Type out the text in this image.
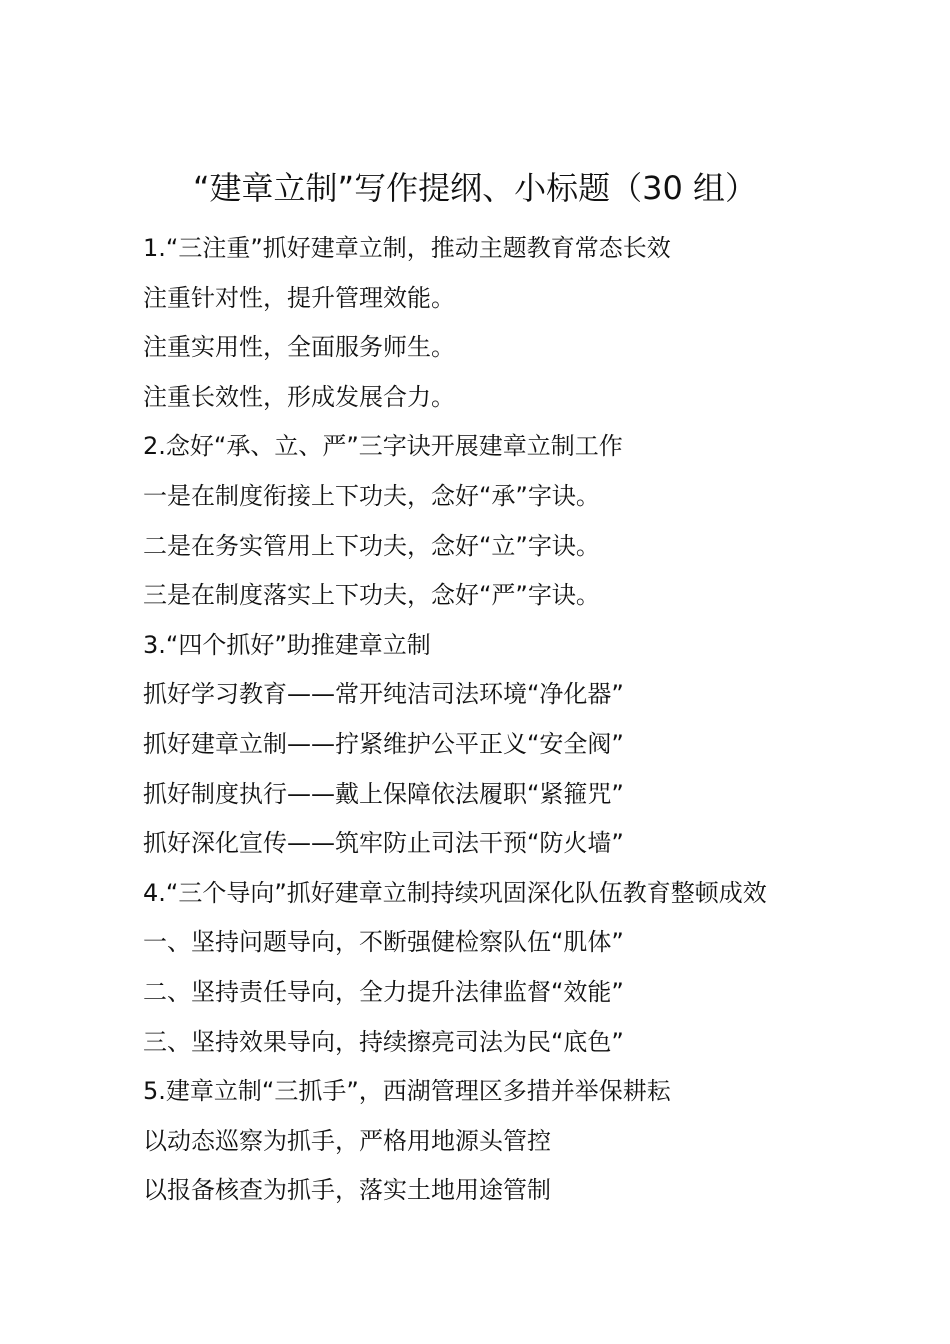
“建章立制”写作提纲、小标题（30 组）
1.“三注重”抓好建章立制，推动主题教育常态长效
注重针对性，提升管理效能。
注重实用性，全面服务师生。
注重长效性，形成发展合力。
2.念好“承、立、严”三字诀开展建章立制工作
一是在制度衔接上下功夫，念好“承”字诀。
二是在务实管用上下功夫，念好“立”字诀。
三是在制度落实上下功夫，念好“严”字诀。
3.“四个抓好”助推建章立制
抓好学习教育——常开纯洁司法环境“净化器”
抓好建章立制——拧紧维护公平正义“安全阀”
抓好制度执行——戴上保障依法履职“紧箍咒”
抓好深化宣传——筑牢防止司法干预“防火墙”
4.“三个导向”抓好建章立制持续巩固深化队伍教育整顿成效
一、坚持问题导向，不断强健检察队伍“肌体”
二、坚持责任导向，全力提升法律监督“效能”
三、坚持效果导向，持续擦亮司法为民“底色”
5.建章立制“三抓手”，西湖管理区多措并举保耕耘
以动态巡察为抓手，严格用地源头管控
以报备核查为抓手，落实土地用途管制
